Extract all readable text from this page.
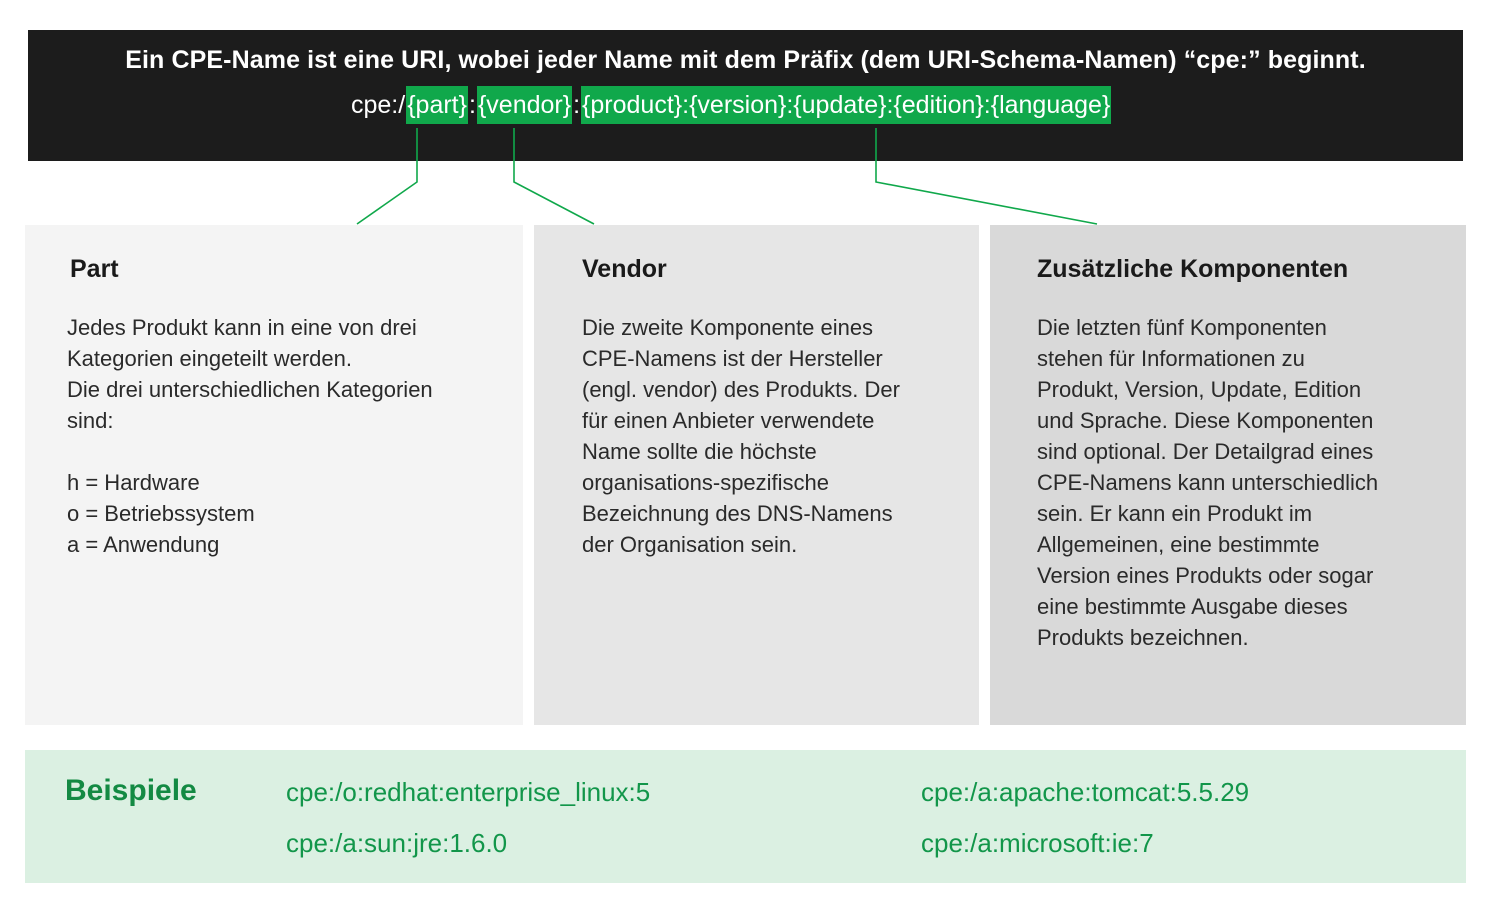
Ein CPE-Name ist eine URI, wobei jeder Name mit dem Präfix (dem URI-Schema-Namen) “cpe:” beginnt.
cpe:/ {part} : {vendor} : {product}:{version}:{update}:{edition}:{language}
Part
Jedes Produkt kann in eine von drei
Kategorien eingeteilt werden.
Die drei unterschiedlichen Kategorien
sind:

h = Hardware
o = Betriebssystem
a = Anwendung
Vendor
Die zweite Komponente eines
CPE-Namens ist der Hersteller
(engl. vendor) des Produkts. Der
für einen Anbieter verwendete
Name sollte die höchste
organisations-spezifische
Bezeichnung des DNS-Namens
der Organisation sein.
Zusätzliche Komponenten
Die letzten fünf Komponenten
stehen für Informationen zu
Produkt, Version, Update, Edition
und Sprache. Diese Komponenten
sind optional. Der Detailgrad eines
CPE-Namens kann unterschiedlich
sein. Er kann ein Produkt im
Allgemeinen, eine bestimmte
Version eines Produkts oder sogar
eine bestimmte Ausgabe dieses
Produkts bezeichnen.
Beispiele	cpe:/o:redhat:enterprise_linux:5
cpe:/a:sun:jre:1.6.0
cpe:/a:apache:tomcat:5.5.29
cpe:/a:microsoft:ie:7
